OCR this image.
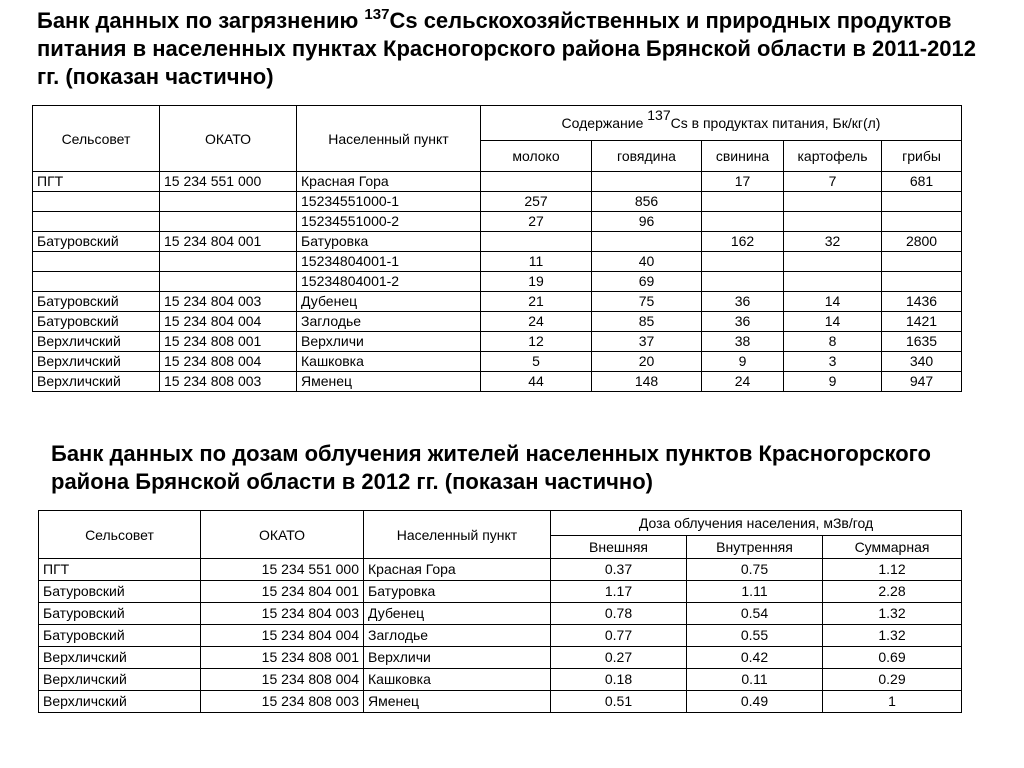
Банк данных по загрязнению $^{137}$Cs сельскохозяйственных и природных продуктов питания в населенных пунктах Красногорского района Брянской области в 2011-2012 гг. (показан частично)
Сельсовет	ОКАТО	Населенный пункт	Содержание $^{137}$Cs в продуктах питания, Бк/кг(л)				
			молоко	говядина	свинина	картофель	грибы
ПГТ	15 234 551 000	Красная Гора			17	7	681
		15234551000-1	257	856			
		15234551000-2	27	96			
Батуровский	15 234 804 001	Батуровка			162	32	2800
		15234804001-1	11	40			
		15234804001-2	19	69			
Батуровский	15 234 804 003	Дубенец	21	75	36	14	1436
Батуровский	15 234 804 004	Заглодье	24	85	36	14	1421
Верхличский	15 234 808 001	Верхличи	12	37	38	8	1635
Верхличский	15 234 808 004	Кашковка	5	20	9	3	340
Верхличский	15 234 808 003	Яменец	44	148	24	9	947
Банк данных по дозам облучения жителей населенных пунктов Красногорского района Брянской области в 2012 гг. (показан частично)
Сельсовет	ОКАТО	Населенный пункт	Доза облучения населения, мЗв/год		
			Внешняя	Внутренняя	Суммарная
ПГТ	15 234 551 000	Красная Гора	0.37	0.75	1.12
Батуровский	15 234 804 001	Батуровка	1.17	1.11	2.28
Батуровский	15 234 804 003	Дубенец	0.78	0.54	1.32
Батуровский	15 234 804 004	Заглодье	0.77	0.55	1.32
Верхличский	15 234 808 001	Верхличи	0.27	0.42	0.69
Верхличский	15 234 808 004	Кашковка	0.18	0.11	0.29
Верхличский	15 234 808 003	Яменец	0.51	0.49	1
